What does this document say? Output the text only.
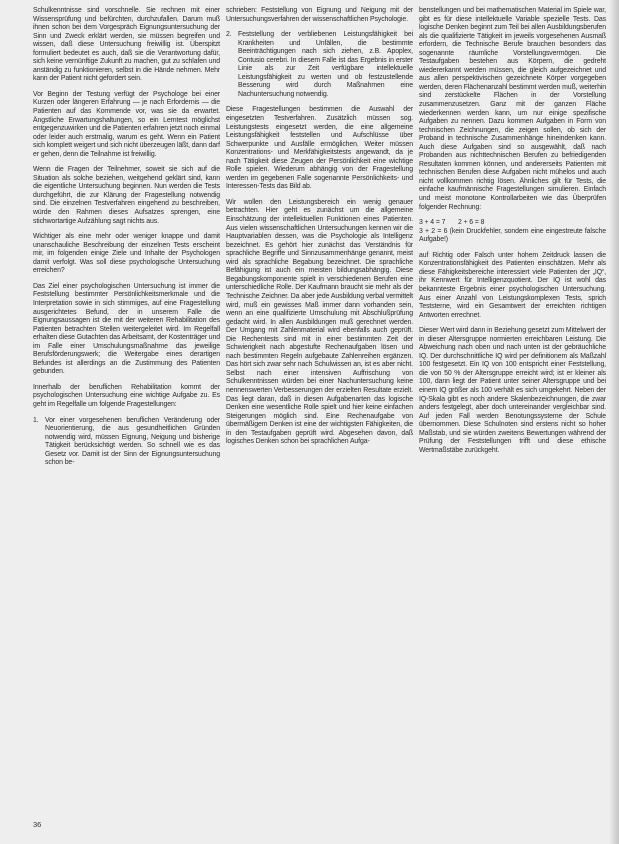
Schulkenntnisse sind vorschnelle. Sie rechnen mit einer Wissensprüfung und befürchten, durchzufallen. Darum muß ihnen schon bei dem Vorgespräch Eignungsuntersuchung der Sinn und Zweck erklärt werden, sie müssen begreifen und wissen, daß diese Untersuchung freiwillig ist. Überspitzt formuliert bedeutet es auch, daß sie die Verantwortung dafür, sich keine vernünftige Zukunft zu machen, gut zu schlafen und anständig zu funktionieren, selbst in die Hände nehmen. Mehr kann der Patient nicht gefordert sein.

Vor Beginn der Testung verfügt der Psychologe bei einer Kurzen oder längeren Erfahrung — je nach Erfordernis — die Patienten auf das Kommende vor, was sie da erwartet. Ängstliche Erwartungshaltungen, so ein Lerntest möglichst entgegenzuwirken und die Patienten erfahren jetzt noch einmal oder leider auch erstmalig, warum es geht. Wenn ein Patient sich komplett weigert und sich nicht überzeugen läßt, dann darf er gehen, denn die Teilnahme ist freiwillig.

Wenn die Fragen der Teilnehmer, soweit sie sich auf die Situation als solche beziehen, weitgehend geklärt sind, kann die eigentliche Untersuchung beginnen. Nun werden die Tests durchgeführt, die zur Klärung der Fragestellung notwendig sind. Die einzelnen Testverfahren eingehend zu beschreiben, würde den Rahmen dieses Aufsatzes sprengen, eine stichwortartige Aufzählung sagt nichts aus.

Wichtiger als eine mehr oder weniger knappe und damit unanschauliche Beschreibung der einzelnen Tests erscheint mir, im folgenden einige Ziele und Inhalte der Psychologen damit verfolgt. Was soll diese psychologische Untersuchung erreichen?

Das Ziel einer psychologischen Untersuchung ist immer die Feststellung bestimmter Persönlichkeitsmerkmale und die Interpretation sowie in sich stimmiges, auf eine Fragestellung ausgerichtetes Befund, der in unserem Falle die Eignungsaussagen ist die mit der weiteren Rehabilitation des Patienten betrachten Stellen weitergeleitet wird. Im Regelfall erhalten diese Gutachten das Arbeitsamt, der Kostenträger und im Falle einer Umschulungsmaßnahme das jeweilige Berufsförderungswerk; die Weitergabe eines derartigen Befundes ist allerdings an die Zustimmung des Patienten gebunden.

Innerhalb der beruflichen Rehabilitation kommt der psychologischen Untersuchung eine wichtige Aufgabe zu. Es geht im Regelfalle um folgende Fragestellungen:

1. Vor einer vorgesehenen beruflichen Veränderung oder Neuorientierung, die aus gesundheitlichen Gründen notwendig wird, müssen Eignung, Neigung und bisherige Tätigkeit berücksichtigt werden. So schnell wie es das Gesetz vor. Damit ist der Sinn der Eignungsuntersuchung schon be-

schrieben: Feststellung von Eignung und Neigung mit der Untersuchungsverfahren der wissenschaftlichen Psychologie.

2. Feststellung der verbliebenen Leistungsfähigkeit bei Krankheiten und Unfällen, die bestimmte Beeinträchtigungen nach sich ziehen, z.B. Apoplex, Contusio cerebri. In diesem Falle ist das Ergebnis in erster Linie als zur Zeit verfügbare intellektuelle Leistungsfähigkeit zu werten und ob festzustellende Besserung wird durch Maßnahmen eine Nachuntersuchung notwendig.

Diese Fragestellungen bestimmen die Auswahl der eingesetzten Testverfahren. Zusätzlich müssen sog. Leistungstests eingesetzt werden, die eine allgemeine Leistungsfähigkeit feststellen und Aufschlüsse über Schwerpunkte und Ausfälle ermöglichen. Weiter müssen Konzentrations- und Merkfähigkeitstests angewandt, da je nach Tätigkeit diese Zeugen der Persönlichkeit eine wichtige Rolle spielen. Wiederum abhängig von der Fragestellung werden im gegebenen Falle sogenannte Persönlichkeits- und Interessen-Tests das Bild ab.

Wir wollen den Leistungsbereich ein wenig genauer betrachten. Hier geht es zunächst um die allgemeine Einschätzung der intellektuellen Funktionen eines Patienten. Aus vielen wissenschaftlichen Untersuchungen kennen wir die Hauptvariablen dessen, was die Psychologie als Intelligenz bezeichnet. Es gehört hier zunächst das Verständnis für sprachliche Begriffe und Sinnzusammenhänge genannt, meist wird als sprachliche Begabung bezeichnet. Die sprachliche Befähigung ist auch ein meisten bildungsabhängig. Diese Begabungskomponente spielt in verschiedenen Berufen eine unterschiedliche Rolle. Der Kaufmann braucht sie mehr als der Technische Zeichner. Da aber jede Ausbildung verbal vermittelt wird, muß ein gewisses Maß immer dann vorhanden sein, wenn an eine qualifizierte Umschulung mit Abschlußprüfung gedacht wird. In allen Ausbildungen muß gerechnet werden. Der Umgang mit Zahlenmaterial wird ebenfalls auch geprüft. Die Rechentests sind mit in einer bestimmten Zeit der Schwierigkeit nach abgestufte Rechenaufgaben lösen und nach bestimmten Regeln aufgebaute Zahlenreihen ergänzen. Das hört sich zwar sehr nach Schulwissen an, ist es aber nicht. Selbst nach einer intensiven Auffrischung von Schulkenntnissen würden bei einer Nachuntersuchung keine nennenswerten Verbesserungen der erzielten Resultate erzielt. Das liegt daran, daß in diesen Aufgabenarten das logische Denken eine wesentliche Rolle spielt und hier keine einfachen Steigerungen möglich sind. Eine Rechenaufgabe von übermäßigem Denken ist eine der wichtigsten Fähigkeiten, die in den Testaufgaben geprüft wird. Abgesehen davon, daß logisches Denken schon bei sprachlichen Aufga-

benstellungen und bei mathematischen Material im Spiele war, gibt es für diese intellektuelle Variable spezielle Tests. Das logische Denken beginnt zum Teil bei allen Ausbildungsberufen als die qualifizierte Tätigkeit im jeweils vorgesehenen Ausmaß erfordern, die Technische Berufe brauchen besonders das sogenannte räumliche Vorstellungsvermögen. Die Testaufgaben bestehen aus Körpern, die gedreht wiedererkannt werden müssen, die gleich aufgezeichnet und aus allen perspektivischen gezeichnete Körper vorgegeben werden, deren Flächenanzahl bestimmt werden muß, weiterhin sind zerstückelte Flächen in der Vorstellung zusammenzusetzen. Ganz mit der ganzen Fläche wiederkennen werden kann, um nur einige spezifische Aufgaben zu nennen. Dazu kommen Aufgaben in Form von technischen Zeichnungen, die zeigen sollen, ob sich der Proband in technische Zusammenhänge hineindenken kann. Auch diese Aufgaben sind so ausgewählt, daß nach Probanden aus nichttechnischen Berufen zu befriedigenden Resultaten kommen können, und andererseits Patienten mit technischen Berufen diese Aufgaben nicht mühelos und auch nicht vollkommen richtig lösen. Ähnliches gilt für Tests, die einfache kaufmännische Fragestellungen simulieren. Einfach und meist monotone Kontrollarbeiten wie das Überprüfen folgender Rechnung:

3 + 4 = 7       2 + 6 = 8
3 + 2 = 6 (kein Druckfehler, sondern eine eingestreute falsche Aufgabe!)

auf Richtig oder Falsch unter hohem Zeitdruck lassen die Konzentrationsfähigkeit des Patienten einschätzen. Mehr als diese Fähigkeitsbereiche interessiert viele Patienten der „IQ“, ihr Kennwert für Intelligenzquotient. Der IQ ist wohl das bekannteste Ergebnis einer psychologischen Untersuchung. Aus einer Anzahl von Leistungskomplexen Tests, sprich Teststerne, wird ein Gesamtwert der erreichten richtigen Antworten errechnet.

Dieser Wert wird dann in Beziehung gesetzt zum Mittelwert der in dieser Altersgruppe normierten erreichbaren Leistung. Die Abweichung nach oben und nach unten ist der gebräuchliche IQ. Der durchschnittliche IQ wird per definitionem als Maßzahl 100 festgesetzt. Ein IQ von 100 entspricht einer Feststellung, die von 50 % der Altersgruppe erreicht wird; ist er kleiner als 100, dann liegt der Patient unter seiner Altersgruppe und bei einem IQ größer als 100 verhält es sich umgekehrt. Neben der IQ-Skala gibt es noch andere Skalenbezeichnungen, die zwar anders festgelegt, aber doch untereinander vergleichbar sind. Auf jeden Fall werden Benotungssysteme der Schule übernommen. Diese Schulnoten sind erstens nicht so hoher Maßstab, und sie würden zweitens Bewertungen während der Prüfung der Feststellungen trifft und diese ethische Wertmaßstäbe zurückgeht.

36
